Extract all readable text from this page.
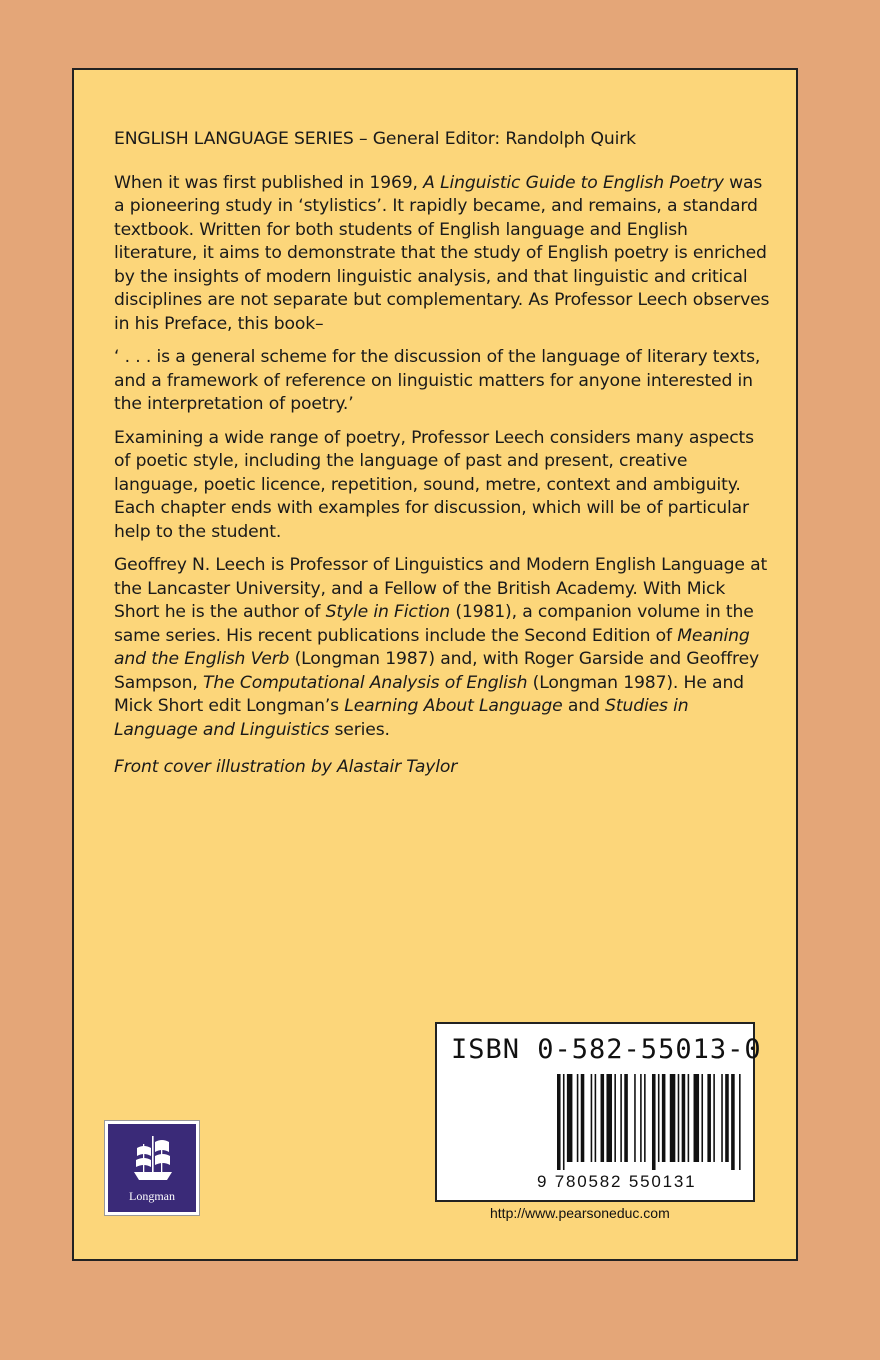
ENGLISH LANGUAGE SERIES – General Editor: Randolph Quirk

When it was first published in 1969, A Linguistic Guide to English Poetry was a pioneering study in ‘stylistics’. It rapidly became, and remains, a standard textbook. Written for both students of English language and English literature, it aims to demonstrate that the study of English poetry is enriched by the insights of modern linguistic analysis, and that linguistic and critical disciplines are not separate but complementary. As Professor Leech observes in his Preface, this book–

‘ . . . is a general scheme for the discussion of the language of literary texts, and a framework of reference on linguistic matters for anyone interested in the interpretation of poetry.’

Examining a wide range of poetry, Professor Leech considers many aspects of poetic style, including the language of past and present, creative language, poetic licence, repetition, sound, metre, context and ambiguity. Each chapter ends with examples for discussion, which will be of particular help to the student.

Geoffrey N. Leech is Professor of Linguistics and Modern English Language at the Lancaster University, and a Fellow of the British Academy. With Mick Short he is the author of Style in Fiction (1981), a companion volume in the same series. His recent publications include the Second Edition of Meaning and the English Verb (Longman 1987) and, with Roger Garside and Geoffrey Sampson, The Computational Analysis of English (Longman 1987). He and Mick Short edit Longman’s Learning About Language and Studies in Language and Linguistics series.

Front cover illustration by Alastair Taylor

Longman
ISBN 0-582-55013-0
9 780582 550131
http://www.pearsoneduc.com
